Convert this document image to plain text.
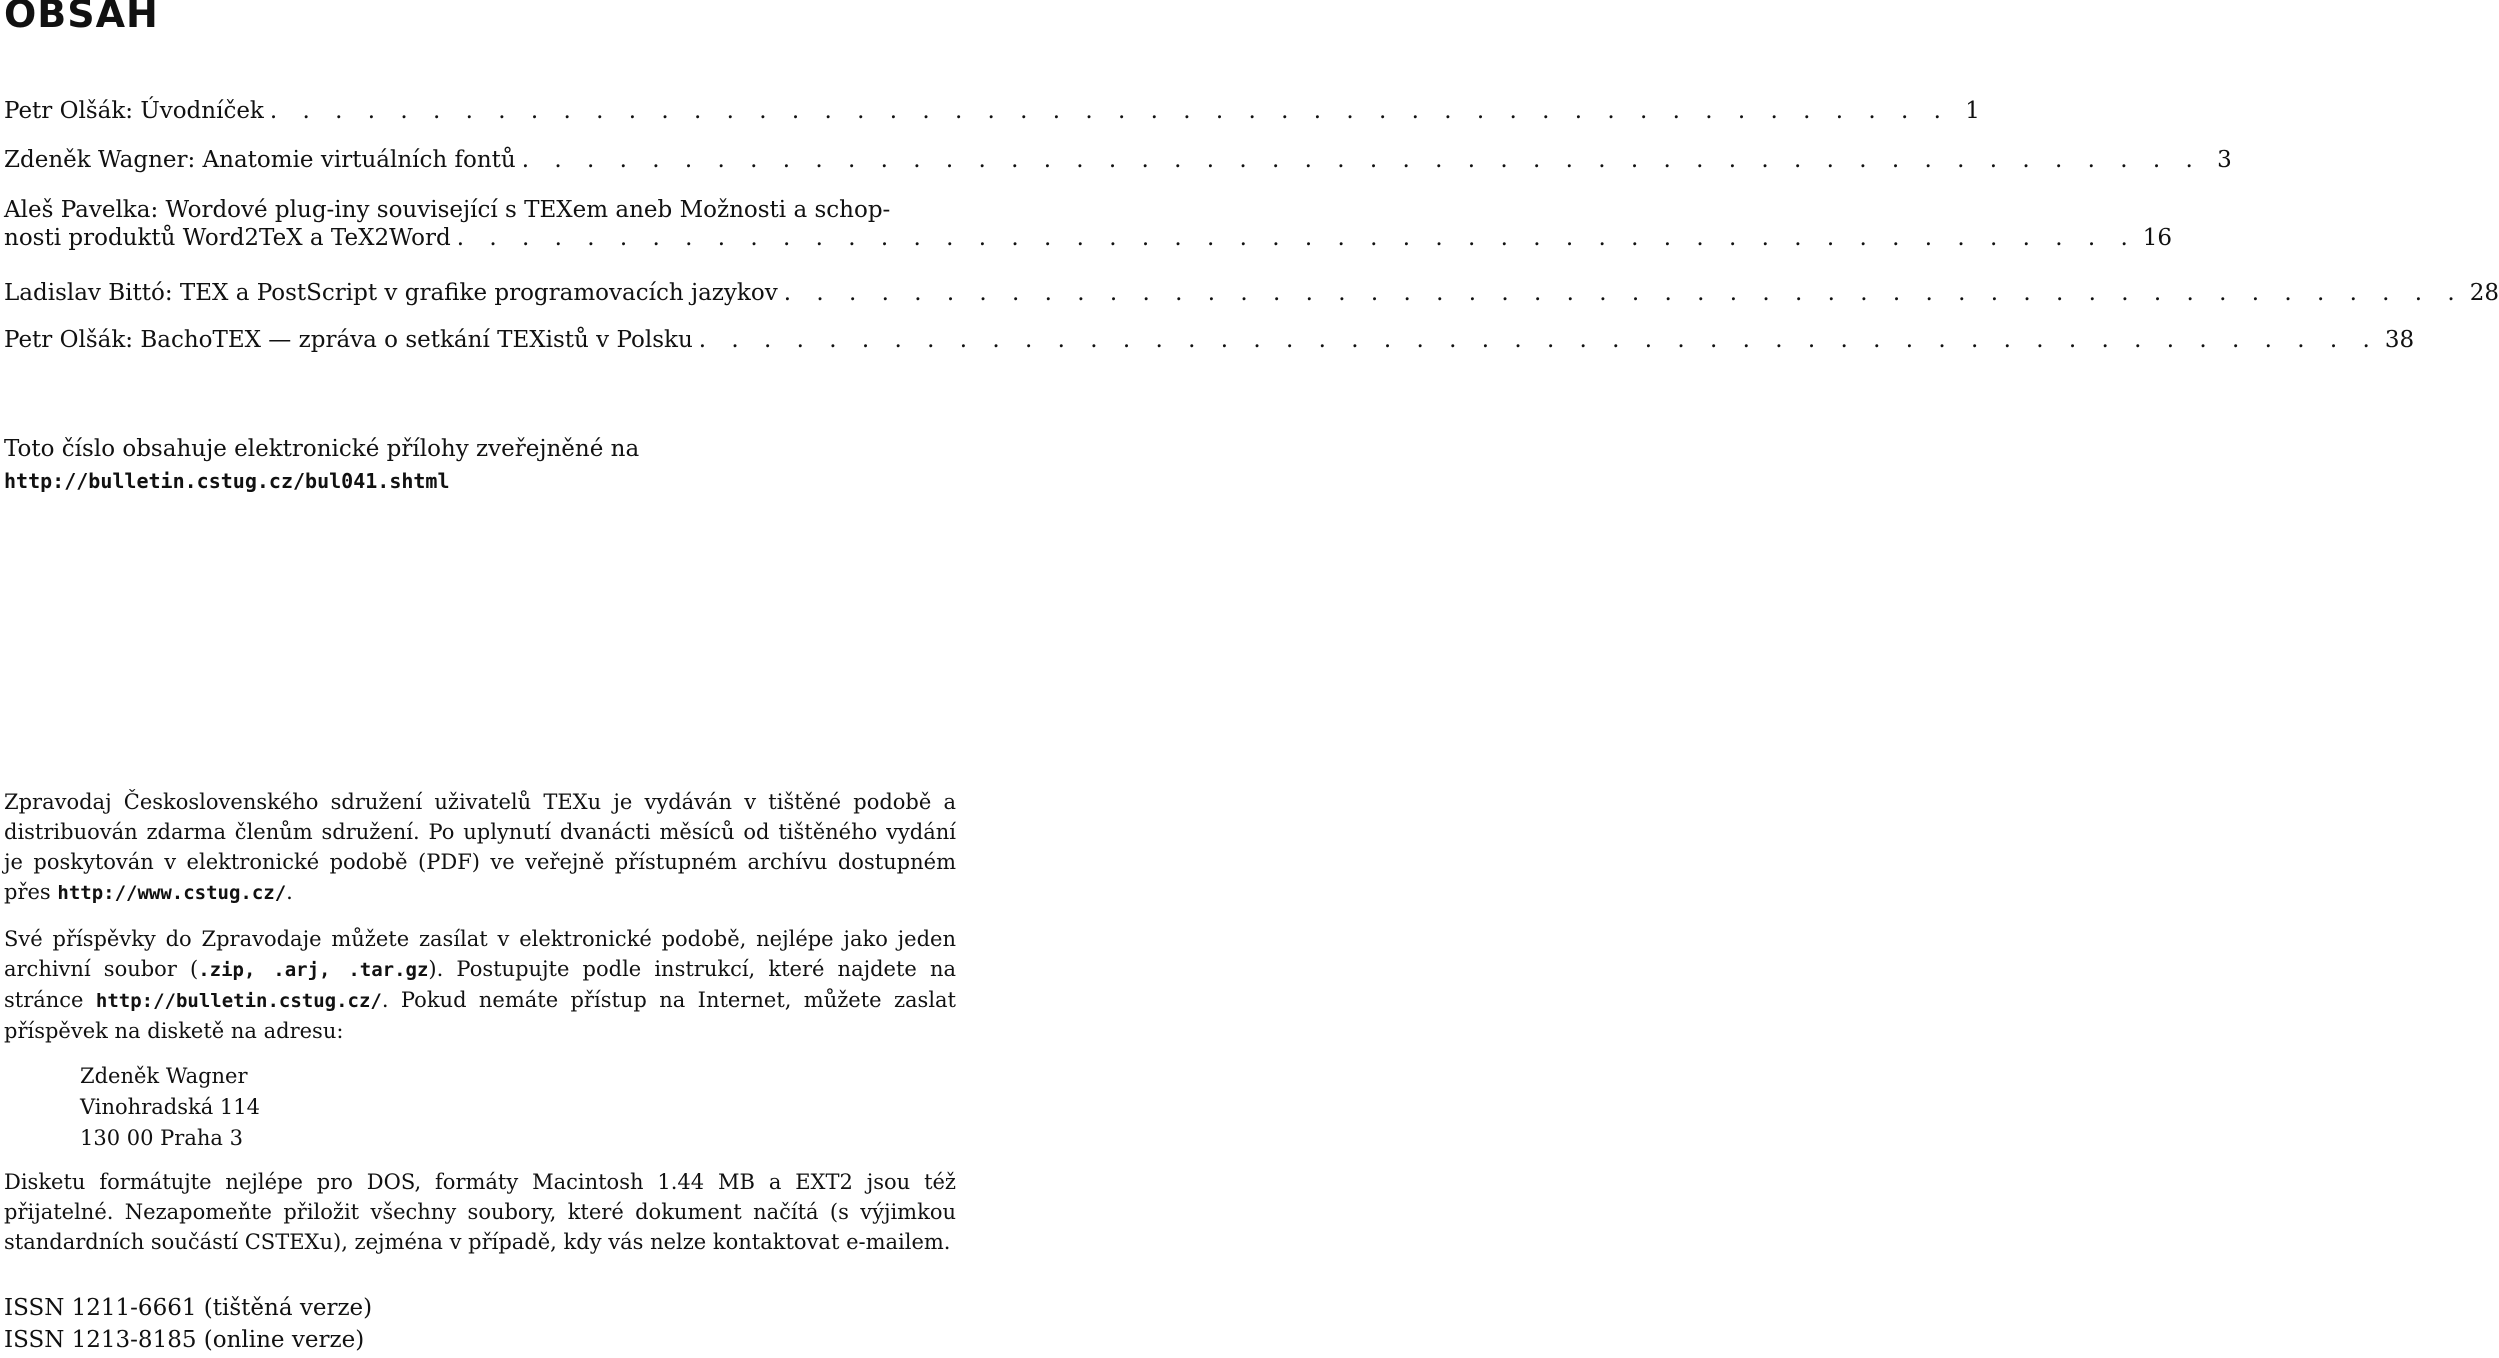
OBSAH
Petr Olšák: Úvodníček . . . . . . . . . . . . . . . . . . . . . . . . . . . . . . . . . . . . . . . . . . . . . . . . . . . . 1
Zdeněk Wagner: Anatomie virtuálních fontů . . . . . . . . . . . . . . . . . . . . . . . . . . . . . . . . . . . . . . . . . . . . . . . . . . . . 3
Aleš Pavelka: Wordové plug-iny související s TEXem aneb Možnosti a schop-
nosti produktů Word2TeX a TeX2Word . . . . . . . . . . . . . . . . . . . . . . . . . . . . . . . . . . . . . . . . . . . . . . . . . . . . 16
Ladislav Bittó: TEX a PostScript v grafike programovacích jazykov . . . . . . . . . . . . . . . . . . . . . . . . . . . . . . . . . . . . . . . . . . . . . . . . . . . . 28
Petr Olšák: BachoTEX — zpráva o setkání TEXistů v Polsku . . . . . . . . . . . . . . . . . . . . . . . . . . . . . . . . . . . . . . . . . . . . . . . . . . . . 38
Toto číslo obsahuje elektronické přílohy zveřejněné na
http://bulletin.cstug.cz/bul041.shtml
Zpravodaj Československého sdružení uživatelů TEXu je vydáván v tištěné podobě a distribuován zdarma členům sdružení. Po uplynutí dvanácti měsíců od tištěného vydání je poskytován v elektronické podobě (PDF) ve veřejně přístupném archívu dostupném přes http://www.cstug.cz/.
Své příspěvky do Zpravodaje můžete zasílat v elektronické podobě, nejlépe jako jeden archivní soubor (.zip, .arj, .tar.gz). Postupujte podle instrukcí, které najdete na stránce http://bulletin.cstug.cz/. Pokud nemáte přístup na Internet, můžete zaslat příspěvek na disketě na adresu:
Zdeněk Wagner
Vinohradská 114
130 00 Praha 3
Disketu formátujte nejlépe pro DOS, formáty Macintosh 1.44 MB a EXT2 jsou též přijatelné. Nezapomeňte přiložit všechny soubory, které dokument načítá (s výjimkou standardních součástí CSTEXu), zejména v případě, kdy vás nelze kontaktovat e-mailem.
ISSN 1211-6661 (tištěná verze)
ISSN 1213-8185 (online verze)
